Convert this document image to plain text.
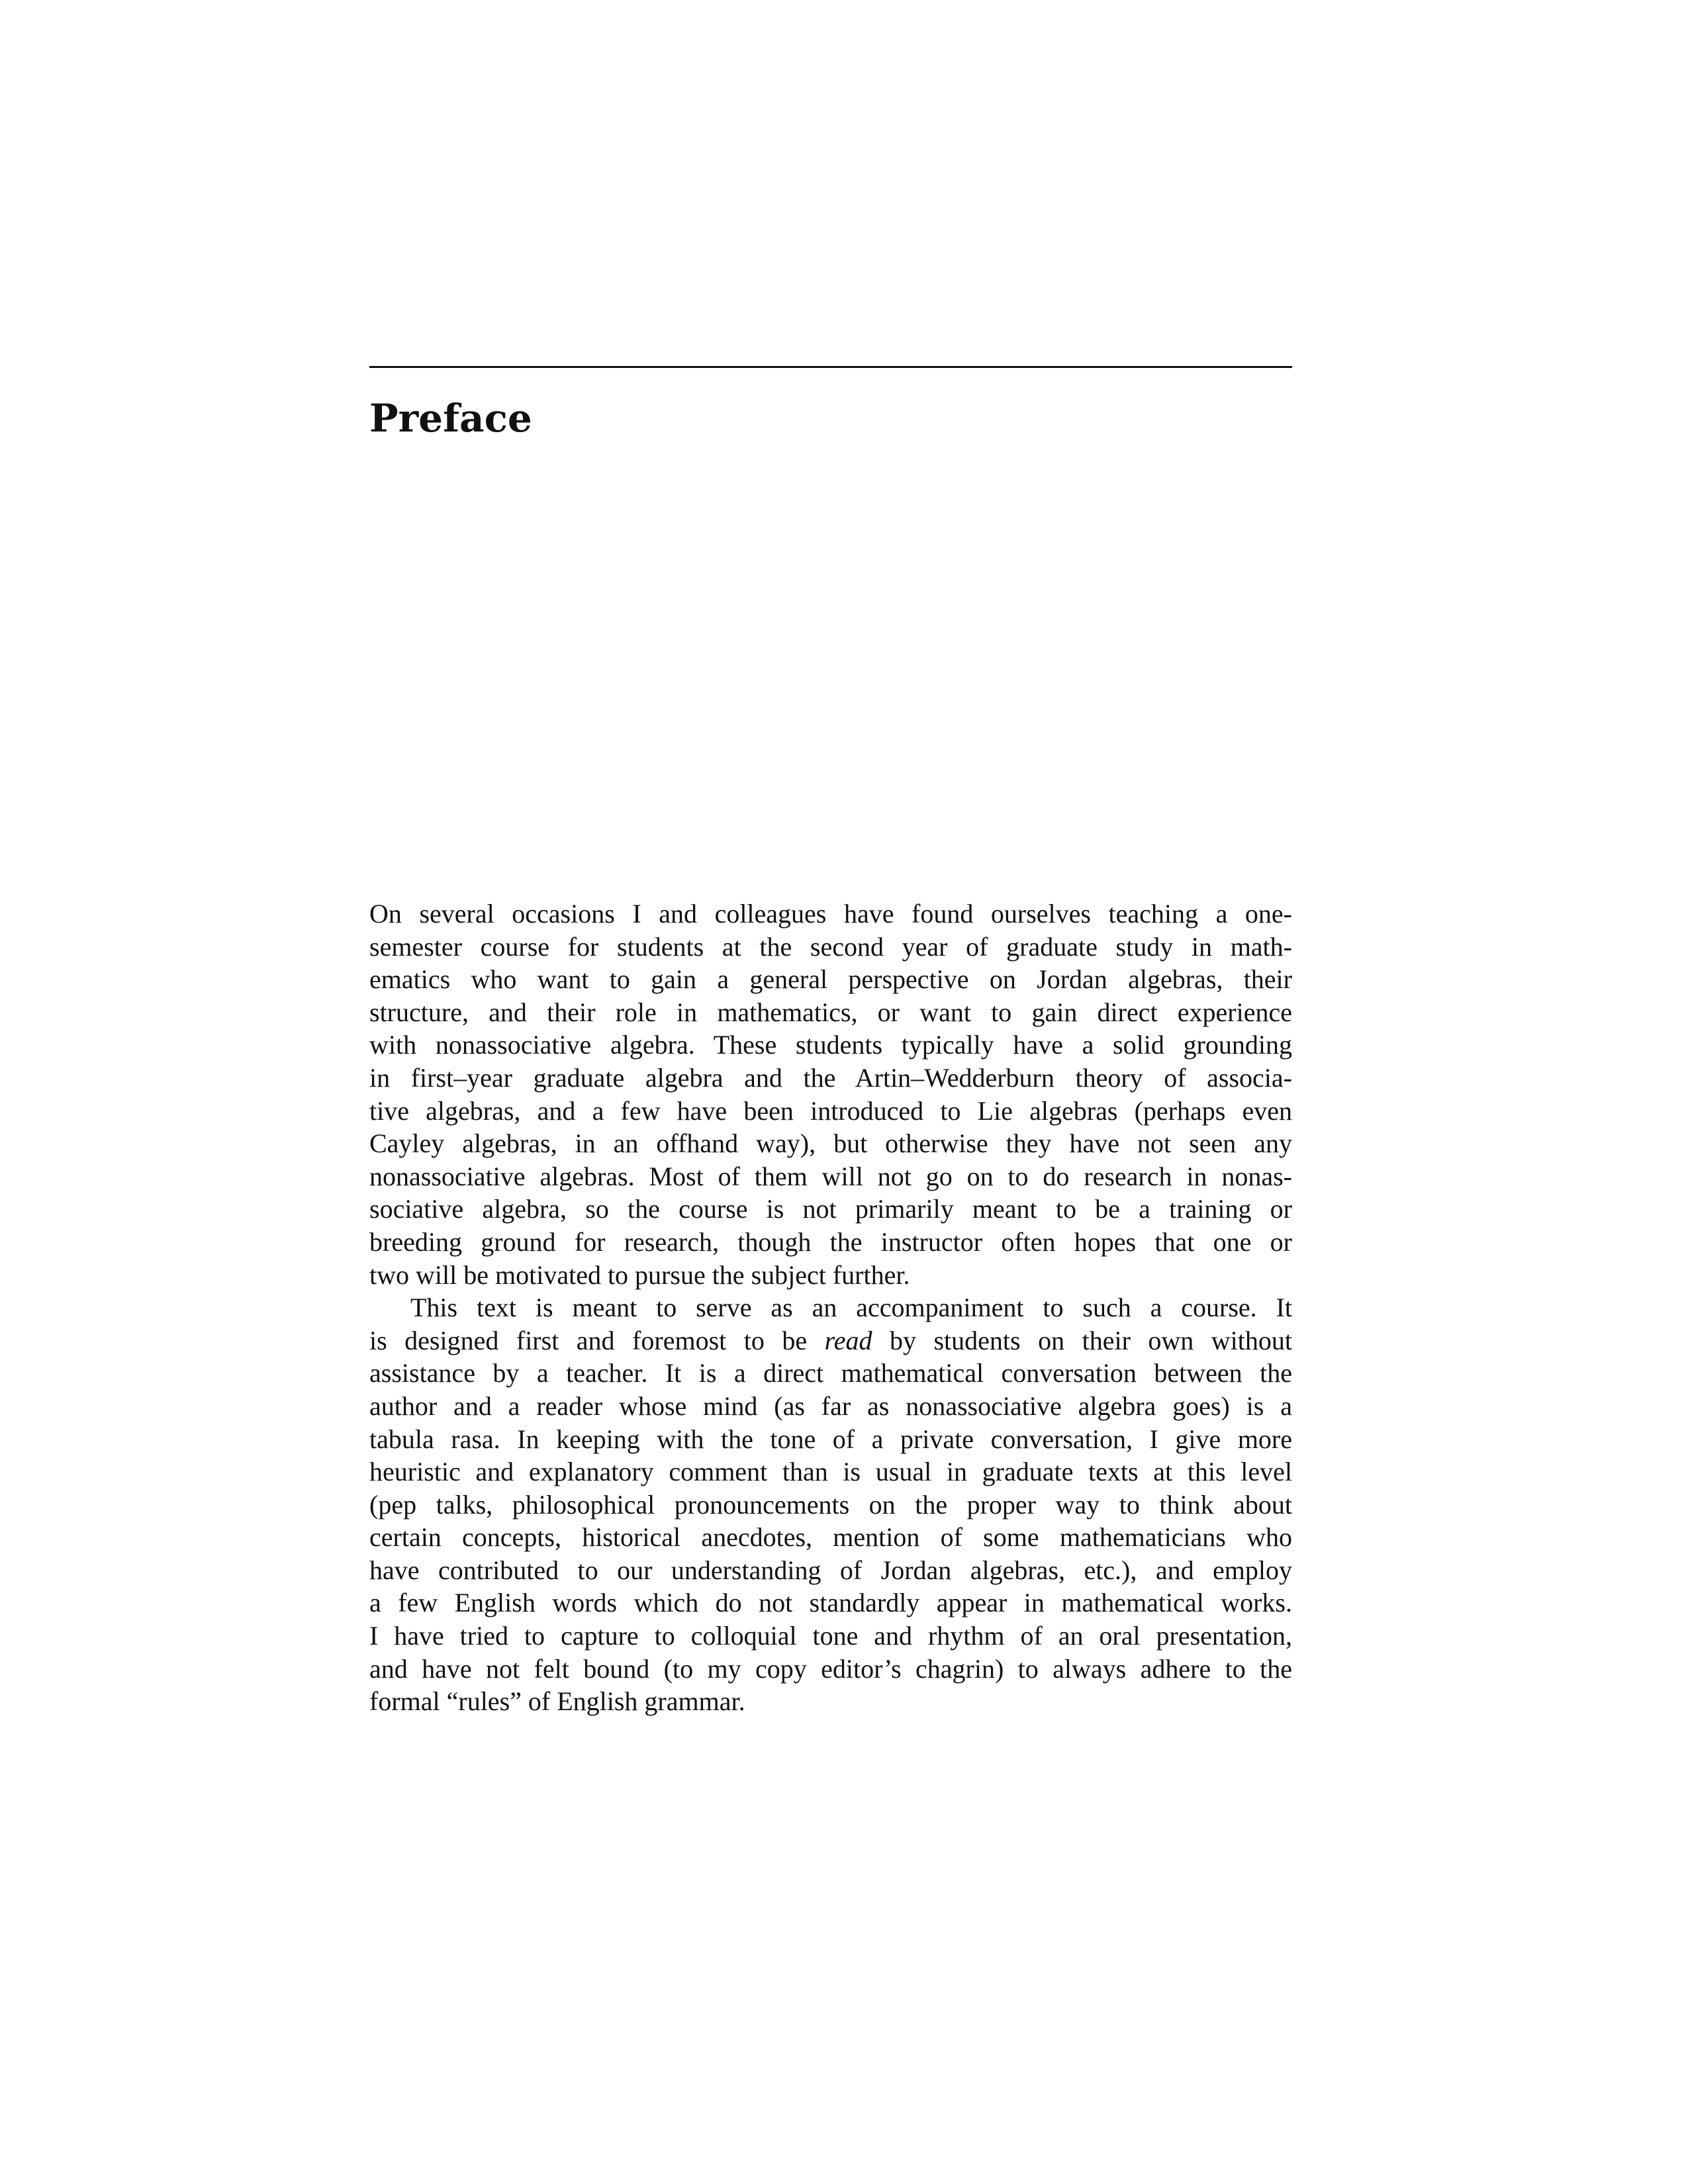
Preface
On several occasions I and colleagues have found ourselves teaching a one-
semester course for students at the second year of graduate study in math-
ematics who want to gain a general perspective on Jordan algebras, their
structure, and their role in mathematics, or want to gain direct experience
with nonassociative algebra. These students typically have a solid grounding
in first–year graduate algebra and the Artin–Wedderburn theory of associa-
tive algebras, and a few have been introduced to Lie algebras (perhaps even
Cayley algebras, in an offhand way), but otherwise they have not seen any
nonassociative algebras. Most of them will not go on to do research in nonas-
sociative algebra, so the course is not primarily meant to be a training or
breeding ground for research, though the instructor often hopes that one or
two will be motivated to pursue the subject further.
This text is meant to serve as an accompaniment to such a course. It
is designed first and foremost to be read by students on their own without
assistance by a teacher. It is a direct mathematical conversation between the
author and a reader whose mind (as far as nonassociative algebra goes) is a
tabula rasa. In keeping with the tone of a private conversation, I give more
heuristic and explanatory comment than is usual in graduate texts at this level
(pep talks, philosophical pronouncements on the proper way to think about
certain concepts, historical anecdotes, mention of some mathematicians who
have contributed to our understanding of Jordan algebras, etc.), and employ
a few English words which do not standardly appear in mathematical works.
I have tried to capture to colloquial tone and rhythm of an oral presentation,
and have not felt bound (to my copy editor’s chagrin) to always adhere to the
formal “rules” of English grammar.
